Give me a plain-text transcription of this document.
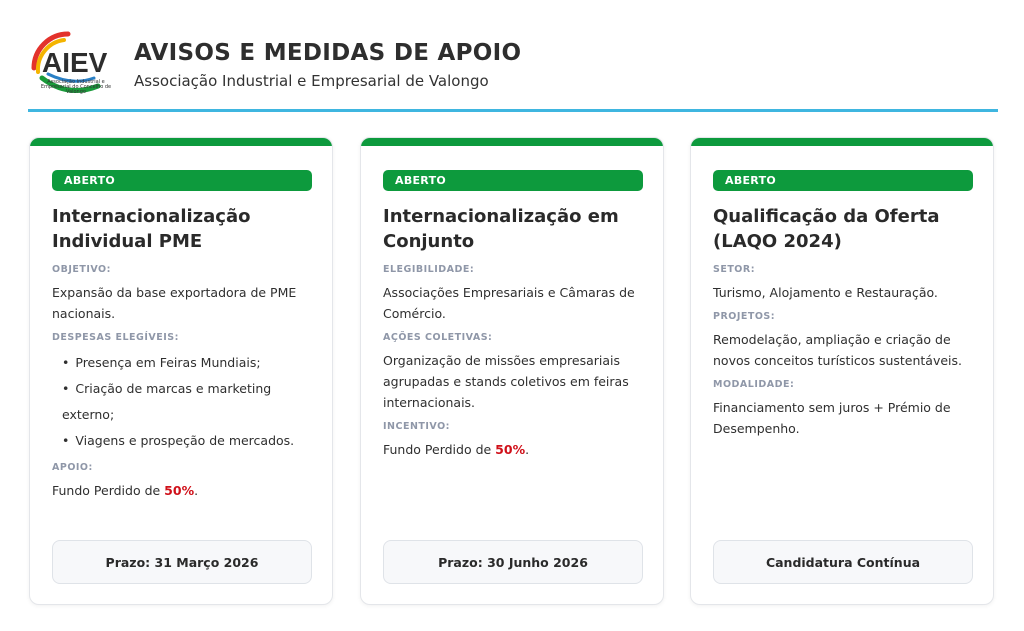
AIEV
Associação Industrial e Empresarial do Concelho de Valongo
AVISOS E MEDIDAS DE APOIO
Associação Industrial e Empresarial de Valongo
ABERTO
Internacionalização Individual PME

OBJETIVO:

Expansão da base exportadora de PME nacionais.

DESPESAS ELEGÍVEIS:

• Presença em Feiras Mundiais;
• Criação de marcas e marketing externo;
• Viagens e prospeção de mercados.

APOIO:

Fundo Perdido de 50%.

Prazo: 31 Março 2026
ABERTO
Internacionalização em Conjunto

ELEGIBILIDADE:

Associações Empresariais e Câmaras de Comércio.

AÇÕES COLETIVAS:

Organização de missões empresariais agrupadas e stands coletivos em feiras internacionais.

INCENTIVO:

Fundo Perdido de 50%.

Prazo: 30 Junho 2026
ABERTO
Qualificação da Oferta (LAQO 2024)

SETOR:

Turismo, Alojamento e Restauração.

PROJETOS:

Remodelação, ampliação e criação de novos conceitos turísticos sustentáveis.

MODALIDADE:

Financiamento sem juros + Prémio de Desempenho.

Candidatura Contínua
